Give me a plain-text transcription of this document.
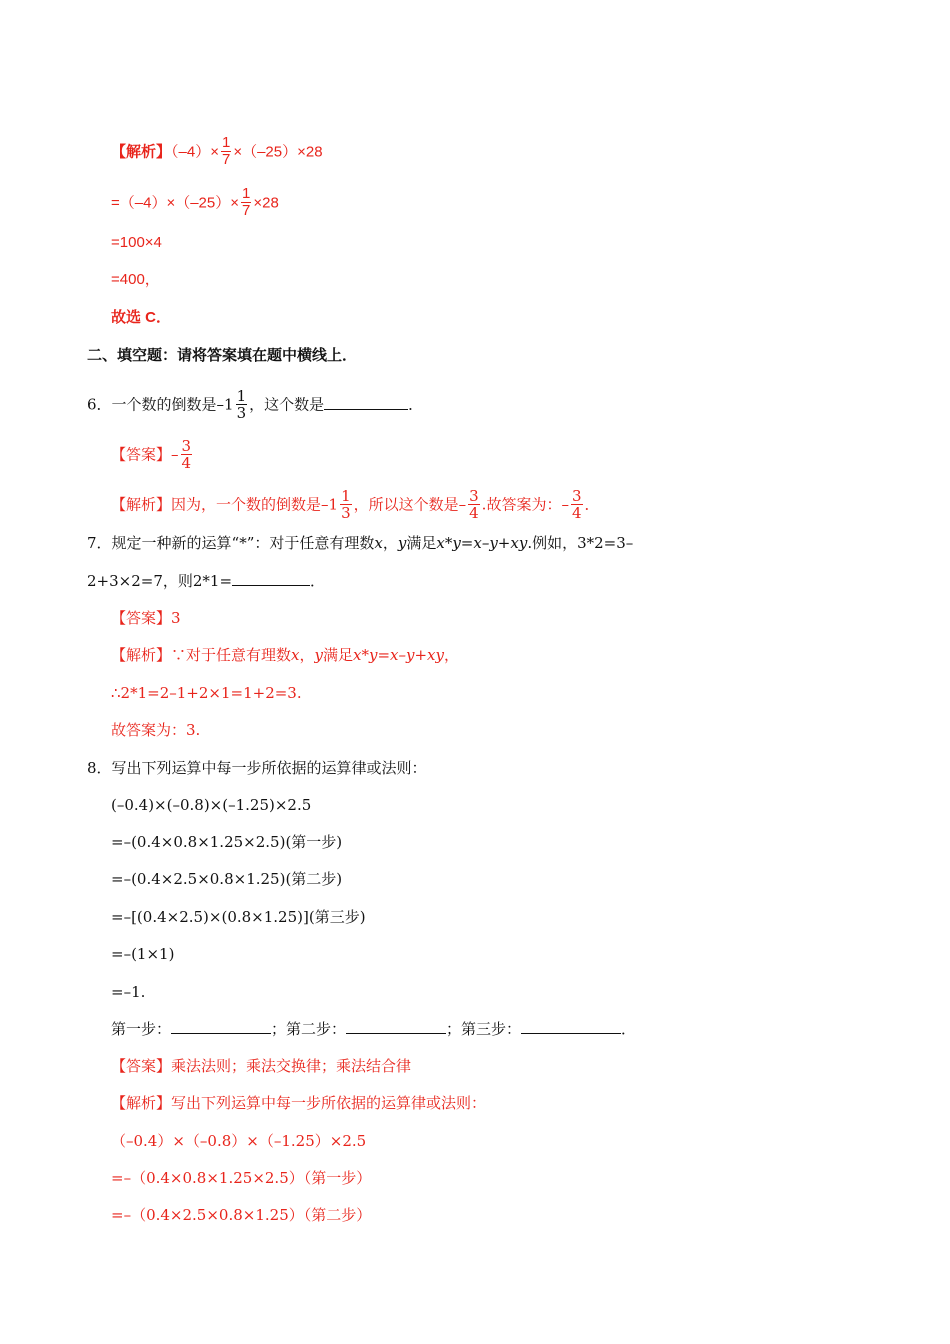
【解析】$(-4)\times \frac{1}{7} \times(-25)\times 28$
$=(-4)\times(-25)\times \frac{1}{7} \times 28$
=100×4
=400，
故选 C．
二、填空题：请将答案填在题中横线上．
6．一个数的倒数是$-1 \frac{1}{3}$ ，这个数是	．
【答案】– $\frac{3}{4}$
【解析】因为，一个数的倒数是$-1 \frac{1}{3}$ ，所以这个数是– $\frac{3}{4}$ .故答案为：– $\frac{3}{4}$ ．
7．规定一种新的运算“*”：对于任意有理数x，y满足x*y=x–y+xy.例如，3*2=3–
2+3×2=7，则2*1=	．
【答案】3
【解析】∵对于任意有理数x，y满足x*y=x–y+xy，
∴2*1=2–1+2×1=1+2=3.
故答案为：3.
8．写出下列运算中每一步所依据的运算律或法则：
(–0.4)×(–0.8)×(–1.25)×2.5
=–(0.4×0.8×1.25×2.5)(第一步)
=–(0.4×2.5×0.8×1.25)(第二步)
=–[(0.4×2.5)×(0.8×1.25)](第三步)
=–(1×1)
=–1.
第一步：	；第二步：	；第三步：	．
【答案】乘法法则；乘法交换律；乘法结合律
【解析】写出下列运算中每一步所依据的运算律或法则：
（–0.4）×（–0.8）×（–1.25）×2.5
=–（0.4×0.8×1.25×2.5）（第一步）
=–（0.4×2.5×0.8×1.25）（第二步）
